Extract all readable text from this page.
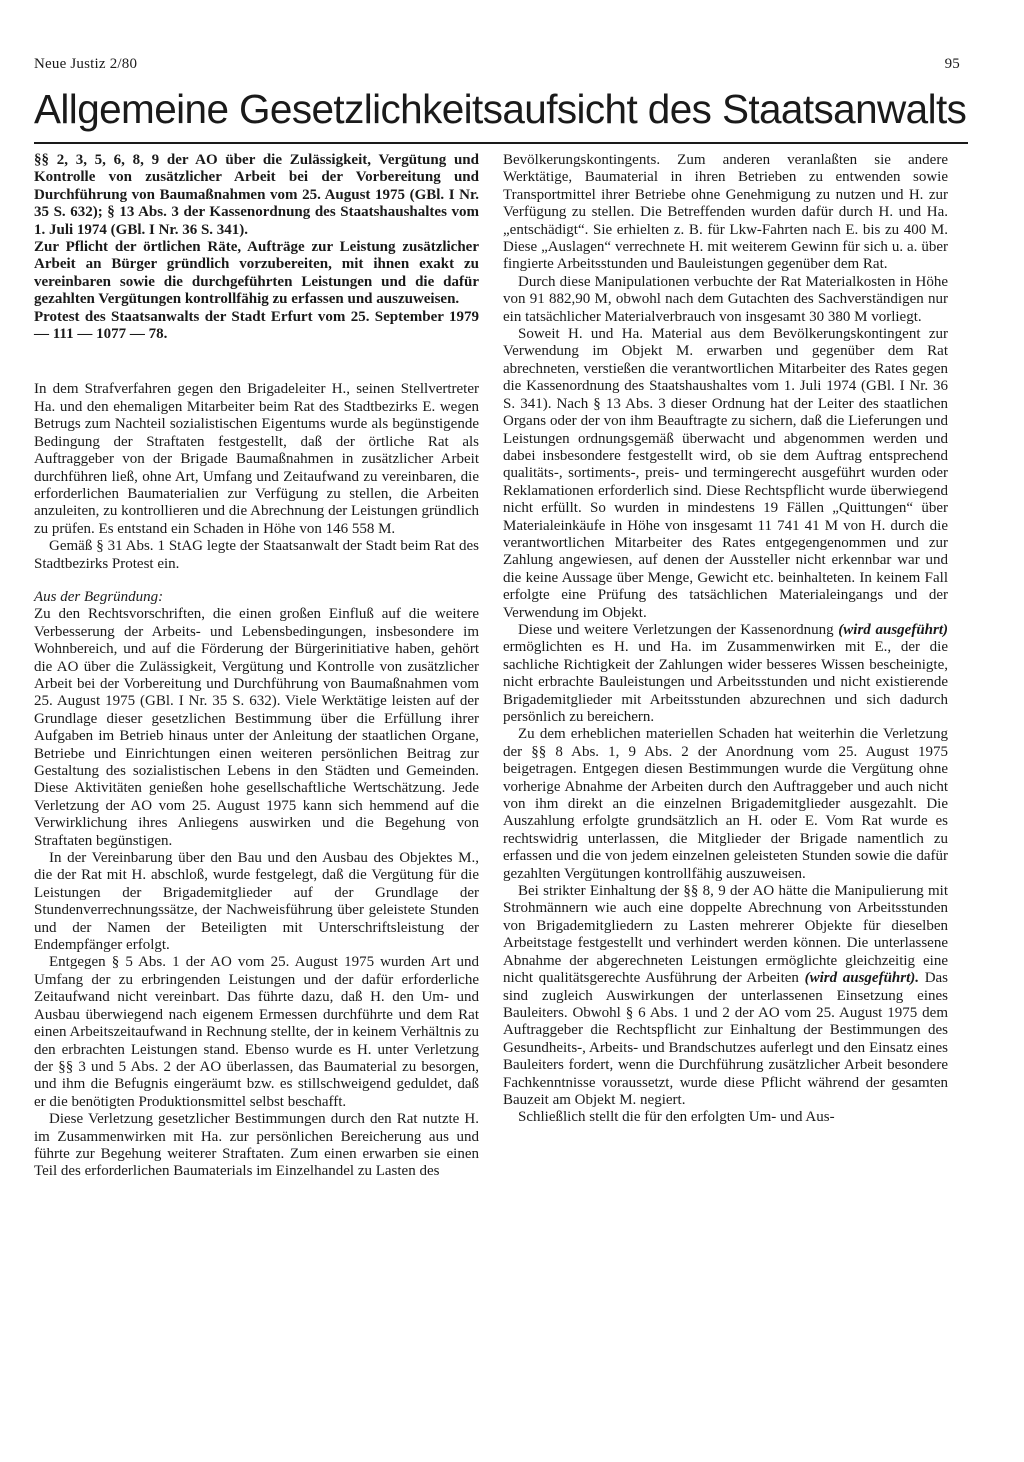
Neue Justiz 2/80	95
Allgemeine Gesetzlichkeitsaufsicht des Staatsanwalts

§§ 2, 3, 5, 6, 8, 9 der AO über die Zulässigkeit, Vergütung und Kontrolle von zusätzlicher Arbeit bei der Vorbereitung und Durchführung von Baumaßnahmen vom 25. August 1975 (GBl. I Nr. 35 S. 632); § 13 Abs. 3 der Kassenordnung des Staatshaushaltes vom 1. Juli 1974 (GBl. I Nr. 36 S. 341).

Zur Pflicht der örtlichen Räte, Aufträge zur Leistung zusätzlicher Arbeit an Bürger gründlich vorzubereiten, mit ihnen exakt zu vereinbaren sowie die durchgeführten Leistungen und die dafür gezahlten Vergütungen kontrollfähig zu erfassen und auszuweisen.

Protest des Staatsanwalts der Stadt Erfurt vom 25. September 1979 — 111 — 1077 — 78.

In dem Strafverfahren gegen den Brigadeleiter H., seinen Stellvertreter Ha. und den ehemaligen Mitarbeiter beim Rat des Stadtbezirks E. wegen Betrugs zum Nachteil sozialistischen Eigentums wurde als begünstigende Bedingung der Straftaten festgestellt, daß der örtliche Rat als Auftraggeber von der Brigade Baumaßnahmen in zusätzlicher Arbeit durchführen ließ, ohne Art, Umfang und Zeitaufwand zu vereinbaren, die erforderlichen Baumaterialien zur Verfügung zu stellen, die Arbeiten anzuleiten, zu kontrollieren und die Abrechnung der Leistungen gründlich zu prüfen. Es entstand ein Schaden in Höhe von 146 558 M.

Gemäß § 31 Abs. 1 StAG legte der Staatsanwalt der Stadt beim Rat des Stadtbezirks Protest ein.

Aus der Begründung:

Zu den Rechtsvorschriften, die einen großen Einfluß auf die weitere Verbesserung der Arbeits- und Lebensbedingungen, insbesondere im Wohnbereich, und auf die Förderung der Bürgerinitiative haben, gehört die AO über die Zulässigkeit, Vergütung und Kontrolle von zusätzlicher Arbeit bei der Vorbereitung und Durchführung von Baumaßnahmen vom 25. August 1975 (GBl. I Nr. 35 S. 632). Viele Werktätige leisten auf der Grundlage dieser gesetzlichen Bestimmung über die Erfüllung ihrer Aufgaben im Betrieb hinaus unter der Anleitung der staatlichen Organe, Betriebe und Einrichtungen einen weiteren persönlichen Beitrag zur Gestaltung des sozialistischen Lebens in den Städten und Gemeinden. Diese Aktivitäten genießen hohe gesellschaftliche Wertschätzung. Jede Verletzung der AO vom 25. August 1975 kann sich hemmend auf die Verwirklichung ihres Anliegens auswirken und die Begehung von Straftaten begünstigen.

In der Vereinbarung über den Bau und den Ausbau des Objektes M., die der Rat mit H. abschloß, wurde festgelegt, daß die Vergütung für die Leistungen der Brigademitglieder auf der Grundlage der Stundenverrechnungssätze, der Nachweisführung über geleistete Stunden und der Namen der Beteiligten mit Unterschriftsleistung der Endempfänger erfolgt.

Entgegen § 5 Abs. 1 der AO vom 25. August 1975 wurden Art und Umfang der zu erbringenden Leistungen und der dafür erforderliche Zeitaufwand nicht vereinbart. Das führte dazu, daß H. den Um- und Ausbau überwiegend nach eigenem Ermessen durchführte und dem Rat einen Arbeitszeitaufwand in Rechnung stellte, der in keinem Verhältnis zu den erbrachten Leistungen stand. Ebenso wurde es H. unter Verletzung der §§ 3 und 5 Abs. 2 der AO überlassen, das Baumaterial zu besorgen, und ihm die Befugnis eingeräumt bzw. es stillschweigend geduldet, daß er die benötigten Produktionsmittel selbst beschafft.

Diese Verletzung gesetzlicher Bestimmungen durch den Rat nutzte H. im Zusammenwirken mit Ha. zur persönlichen Bereicherung aus und führte zur Begehung weiterer Straftaten. Zum einen erwarben sie einen Teil des erforderlichen Baumaterials im Einzelhandel zu Lasten des

Bevölkerungskontingents. Zum anderen veranlaßten sie andere Werktätige, Baumaterial in ihren Betrieben zu entwenden sowie Transportmittel ihrer Betriebe ohne Genehmigung zu nutzen und H. zur Verfügung zu stellen. Die Betreffenden wurden dafür durch H. und Ha. „entschädigt“. Sie erhielten z. B. für Lkw-Fahrten nach E. bis zu 400 M. Diese „Auslagen“ verrechnete H. mit weiterem Gewinn für sich u. a. über fingierte Arbeitsstunden und Bauleistungen gegenüber dem Rat.

Durch diese Manipulationen verbuchte der Rat Materialkosten in Höhe von 91 882,90 M, obwohl nach dem Gutachten des Sachverständigen nur ein tatsächlicher Materialverbrauch von insgesamt 30 380 M vorliegt.

Soweit H. und Ha. Material aus dem Bevölkerungskontingent zur Verwendung im Objekt M. erwarben und gegenüber dem Rat abrechneten, verstießen die verantwortlichen Mitarbeiter des Rates gegen die Kassenordnung des Staatshaushaltes vom 1. Juli 1974 (GBl. I Nr. 36 S. 341). Nach § 13 Abs. 3 dieser Ordnung hat der Leiter des staatlichen Organs oder der von ihm Beauftragte zu sichern, daß die Lieferungen und Leistungen ordnungsgemäß überwacht und abgenommen werden und dabei insbesondere festgestellt wird, ob sie dem Auftrag entsprechend qualitäts-, sortiments-, preis- und termingerecht ausgeführt wurden oder Reklamationen erforderlich sind. Diese Rechtspflicht wurde überwiegend nicht erfüllt. So wurden in mindestens 19 Fällen „Quittungen“ über Materialeinkäufe in Höhe von insgesamt 11 741 41 M von H. durch die verantwortlichen Mitarbeiter des Rates entgegengenommen und zur Zahlung angewiesen, auf denen der Aussteller nicht erkennbar war und die keine Aussage über Menge, Gewicht etc. beinhalteten. In keinem Fall erfolgte eine Prüfung des tatsächlichen Materialeingangs und der Verwendung im Objekt.

Diese und weitere Verletzungen der Kassenordnung (wird ausgeführt) ermöglichten es H. und Ha. im Zusammenwirken mit E., der die sachliche Richtigkeit der Zahlungen wider besseres Wissen bescheinigte, nicht erbrachte Bauleistungen und Arbeitsstunden und nicht existierende Brigademitglieder mit Arbeitsstunden abzurechnen und sich dadurch persönlich zu bereichern.

Zu dem erheblichen materiellen Schaden hat weiterhin die Verletzung der §§ 8 Abs. 1, 9 Abs. 2 der Anordnung vom 25. August 1975 beigetragen. Entgegen diesen Bestimmungen wurde die Vergütung ohne vorherige Abnahme der Arbeiten durch den Auftraggeber und auch nicht von ihm direkt an die einzelnen Brigademitglieder ausgezahlt. Die Auszahlung erfolgte grundsätzlich an H. oder E. Vom Rat wurde es rechtswidrig unterlassen, die Mitglieder der Brigade namentlich zu erfassen und die von jedem einzelnen geleisteten Stunden sowie die dafür gezahlten Vergütungen kontrollfähig auszuweisen.

Bei strikter Einhaltung der §§ 8, 9 der AO hätte die Manipulierung mit Strohmännern wie auch eine doppelte Abrechnung von Arbeitsstunden von Brigademitgliedern zu Lasten mehrerer Objekte für dieselben Arbeitstage festgestellt und verhindert werden können. Die unterlassene Abnahme der abgerechneten Leistungen ermöglichte gleichzeitig eine nicht qualitätsgerechte Ausführung der Arbeiten (wird ausgeführt). Das sind zugleich Auswirkungen der unterlassenen Einsetzung eines Bauleiters. Obwohl § 6 Abs. 1 und 2 der AO vom 25. August 1975 dem Auftraggeber die Rechtspflicht zur Einhaltung der Bestimmungen des Gesundheits-, Arbeits- und Brandschutzes auferlegt und den Einsatz eines Bauleiters fordert, wenn die Durchführung zusätzlicher Arbeit besondere Fachkenntnisse voraussetzt, wurde diese Pflicht während der gesamten Bauzeit am Objekt M. negiert.

Schließlich stellt die für den erfolgten Um- und Aus-
